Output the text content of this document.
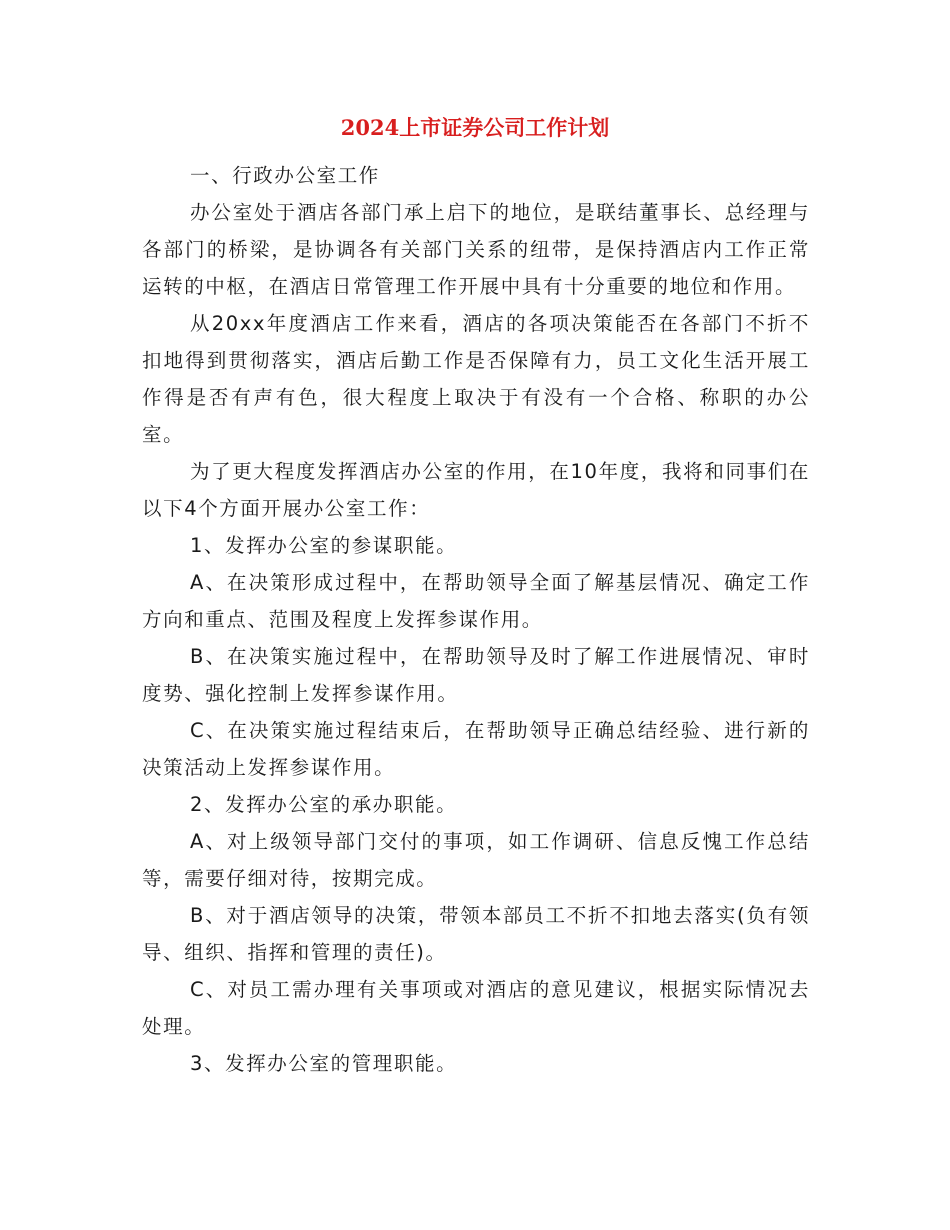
2024上市证券公司工作计划

一、行政办公室工作

办公室处于酒店各部门承上启下的地位，是联结董事长、总经理与各部门的桥梁，是协调各有关部门关系的纽带，是保持酒店内工作正常运转的中枢，在酒店日常管理工作开展中具有十分重要的地位和作用。

从20xx年度酒店工作来看，酒店的各项决策能否在各部门不折不扣地得到贯彻落实，酒店后勤工作是否保障有力，员工文化生活开展工作得是否有声有色，很大程度上取决于有没有一个合格、称职的办公室。

为了更大程度发挥酒店办公室的作用，在10年度，我将和同事们在以下4个方面开展办公室工作：

1、发挥办公室的参谋职能。

A、在决策形成过程中，在帮助领导全面了解基层情况、确定工作方向和重点、范围及程度上发挥参谋作用。

B、在决策实施过程中，在帮助领导及时了解工作进展情况、审时度势、强化控制上发挥参谋作用。

C、在决策实施过程结束后，在帮助领导正确总结经验、进行新的决策活动上发挥参谋作用。

2、发挥办公室的承办职能。

A、对上级领导部门交付的事项，如工作调研、信息反愧工作总结等，需要仔细对待，按期完成。

B、对于酒店领导的决策，带领本部员工不折不扣地去落实(负有领导、组织、指挥和管理的责任)。

C、对员工需办理有关事项或对酒店的意见建议，根据实际情况去处理。

3、发挥办公室的管理职能。
